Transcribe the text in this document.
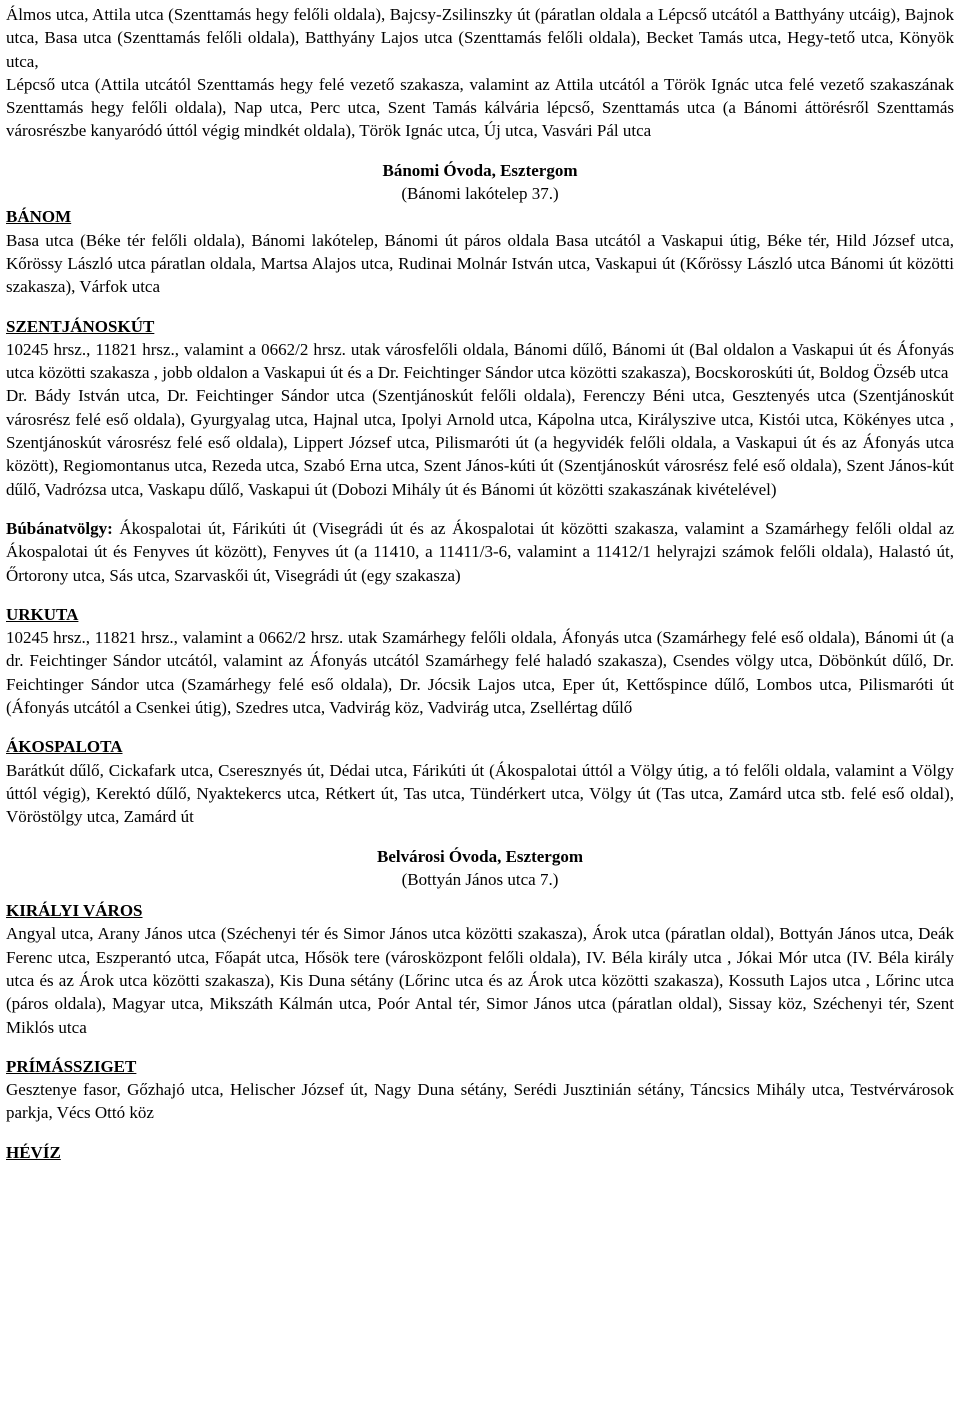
Álmos utca, Attila utca (Szenttamás hegy felőli oldala), Bajcsy-Zsilinszky út (páratlan oldala a Lépcső utcától a Batthyány utcáig), Bajnok utca, Basa utca (Szenttamás felőli oldala), Batthyány Lajos utca (Szenttamás felőli oldala), Becket Tamás utca, Hegy-tető utca, Könyök utca,

Lépcső utca (Attila utcától Szenttamás hegy felé vezető szakasza, valamint az Attila utcától a Török Ignác utca felé vezető szakaszának Szenttamás hegy felőli oldala), Nap utca, Perc utca, Szent Tamás kálvária lépcső, Szenttamás utca (a Bánomi áttörésről Szenttamás városrészbe kanyaródó úttól végig mindkét oldala), Török Ignác utca, Új utca, Vasvári Pál utca

Bánomi Óvoda, Esztergom

(Bánomi lakótelep 37.)

BÁNOM

Basa utca (Béke tér felőli oldala), Bánomi lakótelep, Bánomi út páros oldala Basa utcától a Vaskapui útig, Béke tér, Hild József utca, Kőrössy László utca páratlan oldala, Martsa Alajos utca, Rudinai Molnár István utca, Vaskapui út (Kőrössy László utca Bánomi út közötti szakasza), Várfok utca

SZENTJÁNOSKÚT

10245 hrsz., 11821 hrsz., valamint a 0662/2 hrsz. utak városfelőli oldala, Bánomi dűlő, Bánomi út (Bal oldalon a Vaskapui út és Áfonyás utca közötti szakasza , jobb oldalon a Vaskapui út és a Dr. Feichtinger Sándor utca közötti szakasza), Bocskoroskúti út, Boldog Özséb utca

Dr. Bády István utca, Dr. Feichtinger Sándor utca (Szentjánoskút felőli oldala), Ferenczy Béni utca, Gesztenyés utca (Szentjánoskút városrész felé eső oldala), Gyurgyalag utca, Hajnal utca, Ipolyi Arnold utca, Kápolna utca, Királyszive utca, Kistói utca, Kökényes utca , Szentjánoskút városrész felé eső oldala), Lippert József utca, Pilismaróti út (a hegyvidék felőli oldala, a Vaskapui út és az Áfonyás utca között), Regiomontanus utca, Rezeda utca, Szabó Erna utca, Szent János-kúti út (Szentjánoskút városrész felé eső oldala), Szent János-kút dűlő, Vadrózsa utca, Vaskapu dűlő, Vaskapui út (Dobozi Mihály út és Bánomi út közötti szakaszának kivételével)

Búbánatvölgy: Ákospalotai út, Fárikúti út (Visegrádi út és az Ákospalotai út közötti szakasza, valamint a Szamárhegy felőli oldal az Ákospalotai út és Fenyves út között), Fenyves út (a 11410, a 11411/3-6, valamint a 11412/1 helyrajzi számok felőli oldala), Halastó út, Őrtorony utca, Sás utca, Szarvaskői út, Visegrádi út (egy szakasza)

URKUTA

10245 hrsz., 11821 hrsz., valamint a 0662/2 hrsz. utak Szamárhegy felőli oldala, Áfonyás utca (Szamárhegy felé eső oldala), Bánomi út (a dr. Feichtinger Sándor utcától, valamint az Áfonyás utcától Szamárhegy felé haladó szakasza), Csendes völgy utca, Döbönkút dűlő, Dr. Feichtinger Sándor utca (Szamárhegy felé eső oldala), Dr. Jócsik Lajos utca, Eper út, Kettőspince dűlő, Lombos utca, Pilismaróti út (Áfonyás utcától a Csenkei útig), Szedres utca, Vadvirág köz, Vadvirág utca, Zsellértag dűlő

ÁKOSPALOTA

Barátkút dűlő, Cickafark utca, Cseresznyés út, Dédai utca, Fárikúti út (Ákospalotai úttól a Völgy útig, a tó felőli oldala, valamint a Völgy úttól végig), Kerektó dűlő, Nyaktekercs utca, Rétkert út, Tas utca, Tündérkert utca, Völgy út (Tas utca, Zamárd utca stb. felé eső oldal), Vöröstölgy utca, Zamárd út

Belvárosi Óvoda, Esztergom

(Bottyán János utca 7.)

KIRÁLYI VÁROS

Angyal utca, Arany János utca (Széchenyi tér és Simor János utca közötti szakasza), Árok utca (páratlan oldal), Bottyán János utca, Deák Ferenc utca, Eszperantó utca, Főapát utca, Hősök tere (városközpont felőli oldala), IV. Béla király utca , Jókai Mór utca (IV. Béla király utca és az Árok utca közötti szakasza), Kis Duna sétány (Lőrinc utca és az Árok utca közötti szakasza), Kossuth Lajos utca , Lőrinc utca (páros oldala), Magyar utca, Mikszáth Kálmán utca, Poór Antal tér, Simor János utca (páratlan oldal), Sissay köz, Széchenyi tér, Szent Miklós utca

PRÍMÁSSZIGET

Gesztenye fasor, Gőzhajó utca, Helischer József út, Nagy Duna sétány, Serédi Jusztinián sétány, Táncsics Mihály utca, Testvérvárosok parkja, Vécs Ottó köz

HÉVÍZ
